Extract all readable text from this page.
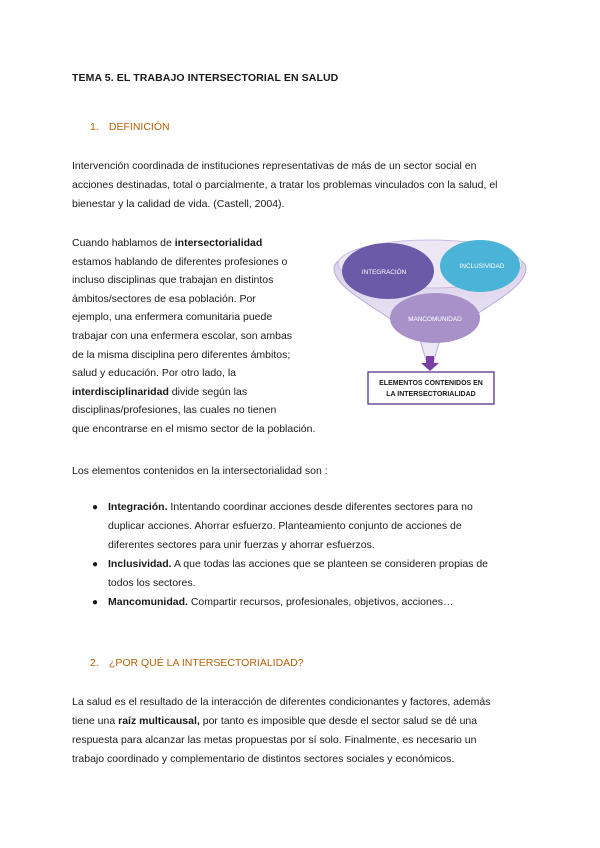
TEMA 5. EL TRABAJO INTERSECTORIAL EN SALUD
1. DEFINICIÓN
Intervención coordinada de instituciones representativas de más de un sector social en
acciones destinadas, total o parcialmente, a tratar los problemas vinculados con la salud, el
bienestar y la calidad de vida. (Castell, 2004).
Cuando hablamos de intersectorialidad
estamos hablando de diferentes profesiones o
incluso disciplinas que trabajan en distintos
ámbitos/sectores de esa población. Por
ejemplo, una enfermera comunitaria puede
trabajar con una enfermera escolar, son ambas
de la misma disciplina pero diferentes ámbitos;
salud y educación. Por otro lado, la
interdisciplinaridad divide según las
disciplinas/profesiones, las cuales no tienen
que encontrarse en el mismo sector de la población.
INTEGRACIÓN
INCLUSIVIDAD
MANCOMUNIDAD
ELEMENTOS CONTENIDOS EN
LA INTERSECTORIALIDAD
Los elementos contenidos en la intersectorialidad son :
● Integración. Intentando coordinar acciones desde diferentes sectores para no
duplicar acciones. Ahorrar esfuerzo. Planteamiento conjunto de acciones de
diferentes sectores para unir fuerzas y ahorrar esfuerzos.
● Inclusividad. A que todas las acciones que se planteen se consideren propias de
todos los sectores.
● Mancomunidad. Compartir recursos, profesionales, objetivos, acciones…
2. ¿POR QUÉ LA INTERSECTORIALIDAD?
La salud es el resultado de la interacción de diferentes condicionantes y factores, además
tiene una raíz multicausal, por tanto es imposible que desde el sector salud se dé una
respuesta para alcanzar las metas propuestas por sí solo. Finalmente, es necesario un
trabajo coordinado y complementario de distintos sectores sociales y económicos.
